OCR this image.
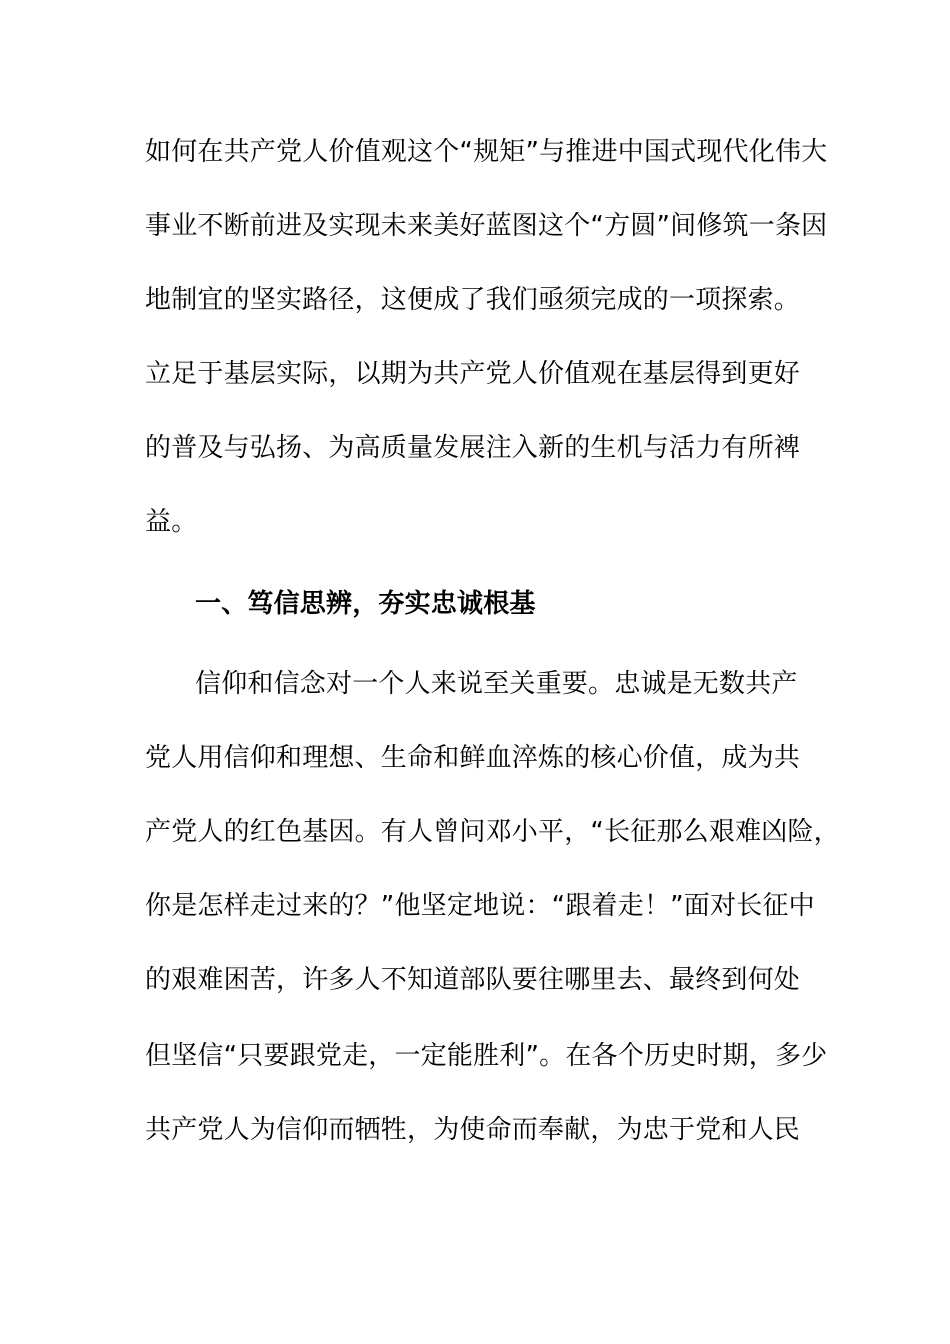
如何在共产党人价值观这个“规矩”与推进中国式现代化伟大
事业不断前进及实现未来美好蓝图这个“方圆”间修筑一条因
地制宜的坚实路径，这便成了我们亟须完成的一项探索。
立足于基层实际，以期为共产党人价值观在基层得到更好
的普及与弘扬、为高质量发展注入新的生机与活力有所裨
益。
一、笃信思辨，夯实忠诚根基
信仰和信念对一个人来说至关重要。忠诚是无数共产
党人用信仰和理想、生命和鲜血淬炼的核心价值，成为共
产党人的红色基因。有人曾问邓小平，“长征那么艰难凶险，
你是怎样走过来的？”他坚定地说：“跟着走！”面对长征中
的艰难困苦，许多人不知道部队要往哪里去、最终到何处
但坚信“只要跟党走，一定能胜利”。在各个历史时期，多少
共产党人为信仰而牺牲，为使命而奉献，为忠于党和人民
